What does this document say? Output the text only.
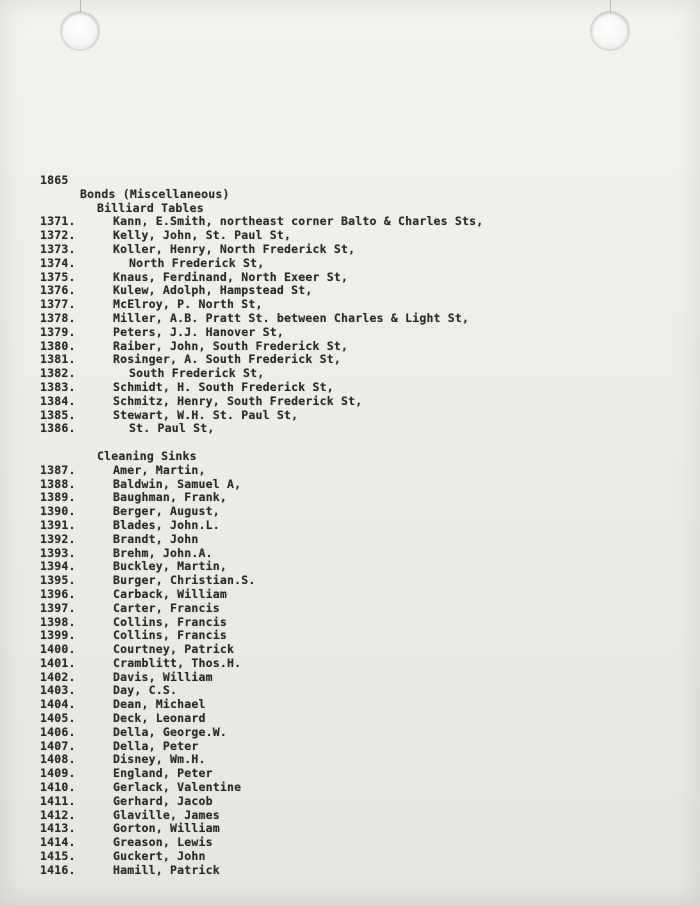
1865
Bonds (Miscellaneous)
Billiard Tables
1371.	Kann, E.Smith, northeast corner Balto & Charles Sts,
1372.	Kelly, John, St. Paul St,
1373.	Koller, Henry, North Frederick St,
1374.	North Frederick St,
1375.	Knaus, Ferdinand, North Exeer St,
1376.	Kulew, Adolph, Hampstead St,
1377.	McElroy, P. North St,
1378.	Miller, A.B. Pratt St. between Charles & Light St,
1379.	Peters, J.J. Hanover St,
1380.	Raiber, John, South Frederick St,
1381.	Rosinger, A. South Frederick St,
1382.	South Frederick St,
1383.	Schmidt, H. South Frederick St,
1384.	Schmitz, Henry, South Frederick St,
1385.	Stewart, W.H. St. Paul St,
1386.	St. Paul St,
Cleaning Sinks
1387.	Amer, Martin,
1388.	Baldwin, Samuel A,
1389.	Baughman, Frank,
1390.	Berger, August,
1391.	Blades, John.L.
1392.	Brandt, John
1393.	Brehm, John.A.
1394.	Buckley, Martin,
1395.	Burger, Christian.S.
1396.	Carback, William
1397.	Carter, Francis
1398.	Collins, Francis
1399.	Collins, Francis
1400.	Courtney, Patrick
1401.	Cramblitt, Thos.H.
1402.	Davis, William
1403.	Day, C.S.
1404.	Dean, Michael
1405.	Deck, Leonard
1406.	Della, George.W.
1407.	Della, Peter
1408.	Disney, Wm.H.
1409.	England, Peter
1410.	Gerlack, Valentine
1411.	Gerhard, Jacob
1412.	Glaville, James
1413.	Gorton, William
1414.	Greason, Lewis
1415.	Guckert, John
1416.	Hamill, Patrick
